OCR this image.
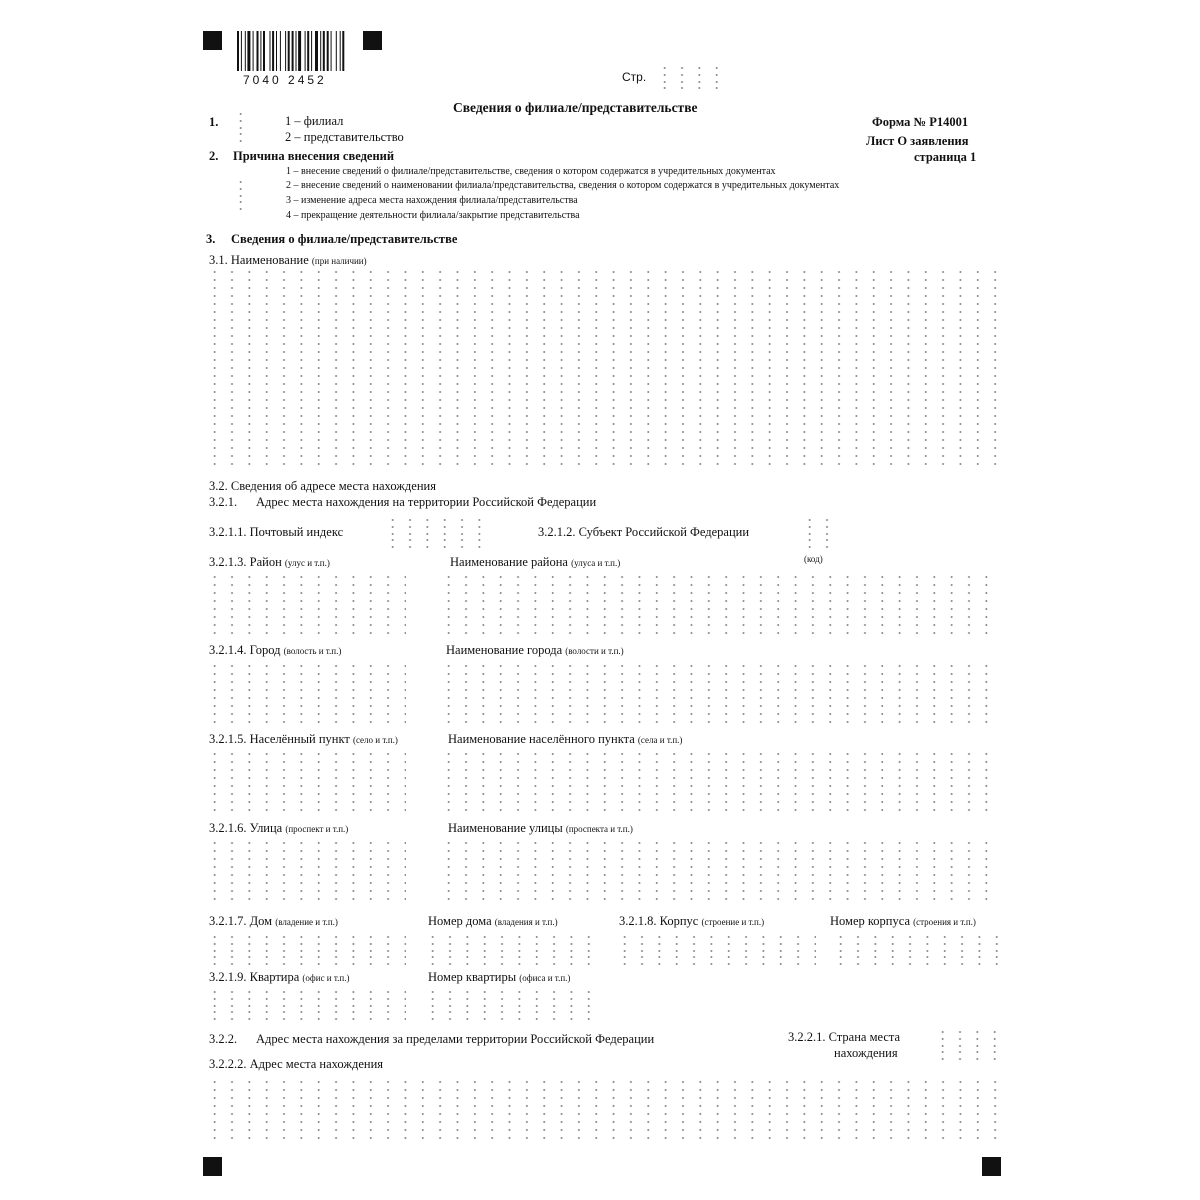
7040 2452	Стр.
Сведения о филиале/представительстве
Форма № Р14001
Лист О заявления
страница 1
1.	1 – филиал
2 – представительство
2. Причина внесения сведений
1 – внесение сведений о филиале/представительстве, сведения о котором содержатся в учредительных документах
2 – внесение сведений о наименовании филиала/представительства, сведения о котором содержатся в учредительных документах
3 – изменение адреса места нахождения филиала/представительства
4 – прекращение деятельности филиала/закрытие представительства
3. Сведения о филиале/представительстве
3.1. Наименование (при наличии)
3.2. Сведения об адресе места нахождения
3.2.1. Адрес места нахождения на территории Российской Федерации
3.2.1.1. Почтовый индекс	3.2.1.2. Субъект Российской Федерации
(код)
3.2.1.3. Район (улус и т.п.)	Наименование района (улуса и т.п.)
3.2.1.4. Город (волость и т.п.)	Наименование города (волости и т.п.)
3.2.1.5. Населённый пункт (село и т.п.)	Наименование населённого пункта (села и т.п.)
3.2.1.6. Улица (проспект и т.п.)	Наименование улицы (проспекта и т.п.)
3.2.1.7. Дом (владение и т.п.)	Номер дома (владения и т.п.)	3.2.1.8. Корпус (строение и т.п.)	Номер корпуса (строения и т.п.)
3.2.1.9. Квартира (офис и т.п.)	Номер квартиры (офиса и т.п.)
3.2.2. Адрес места нахождения за пределами территории Российской Федерации	3.2.2.1. Страна места
нахождения
3.2.2.2. Адрес места нахождения
